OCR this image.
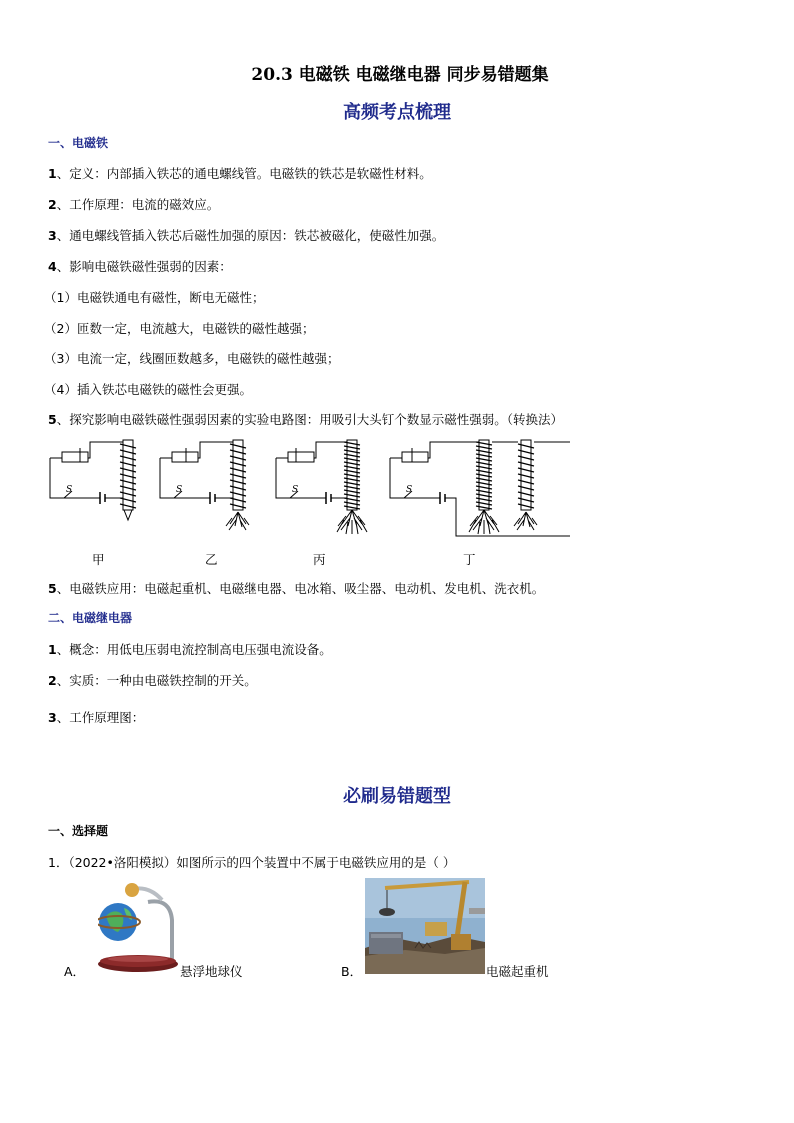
20.3 电磁铁 电磁继电器 同步易错题集
高频考点梳理
一、电磁铁
1、定义：内部插入铁芯的通电螺线管。电磁铁的铁芯是软磁性材料。
2、工作原理：电流的磁效应。
3、通电螺线管插入铁芯后磁性加强的原因：铁芯被磁化，使磁性加强。
4、影响电磁铁磁性强弱的因素：
（1）电磁铁通电有磁性，断电无磁性；
（2）匝数一定，电流越大，电磁铁的磁性越强；
（3）电流一定，线圈匝数越多，电磁铁的磁性越强；
（4）插入铁芯电磁铁的磁性会更强。
5、探究影响电磁铁磁性强弱因素的实验电路图：用吸引大头钉个数显示磁性强弱。（转换法）
S	S	S	S
甲	乙	丙	丁
5、电磁铁应用：电磁起重机、电磁继电器、电冰箱、吸尘器、电动机、发电机、洗衣机。
二、电磁继电器
1、概念：用低电压弱电流控制高电压强电流设备。
2、实质：一种由电磁铁控制的开关。
3、工作原理图：
必刷易错题型
一、选择题
1．（2022•洛阳模拟）如图所示的四个装置中不属于电磁铁应用的是（ ）
A．	悬浮地球仪	B．	电磁起重机
